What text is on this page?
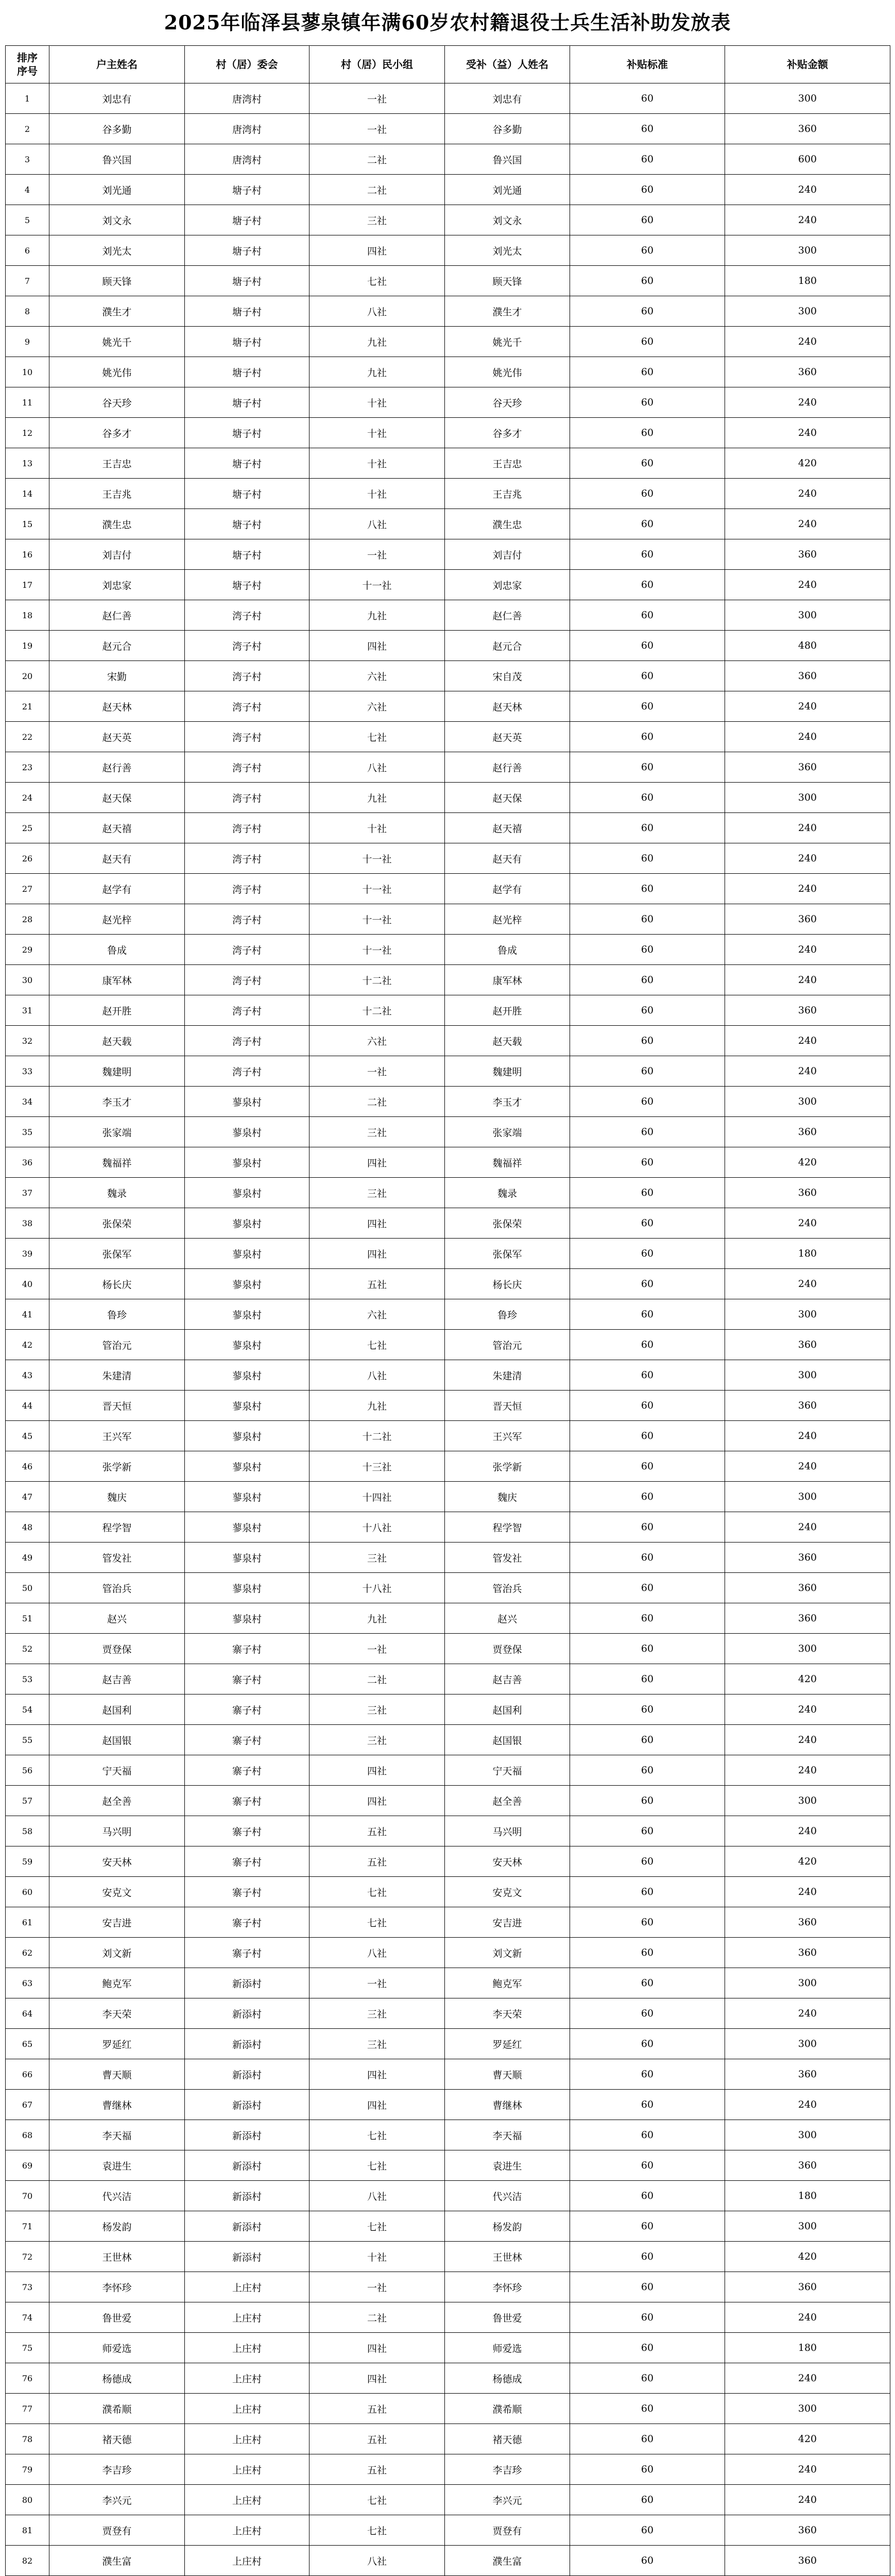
2025年临泽县蓼泉镇年满60岁农村籍退役士兵生活补助发放表
排序
序号	户主姓名	村（居）委会	村（居）民小组	受补（益）人姓名	补贴标准	补贴金额
1	刘忠有	唐湾村	一社	刘忠有	60	300
2	谷多勤	唐湾村	一社	谷多勤	60	360
3	鲁兴国	唐湾村	二社	鲁兴国	60	600
4	刘光通	塘子村	二社	刘光通	60	240
5	刘文永	塘子村	三社	刘文永	60	240
6	刘光太	塘子村	四社	刘光太	60	300
7	顾天锋	塘子村	七社	顾天锋	60	180
8	濮生才	塘子村	八社	濮生才	60	300
9	姚光千	塘子村	九社	姚光千	60	240
10	姚光伟	塘子村	九社	姚光伟	60	360
11	谷天珍	塘子村	十社	谷天珍	60	240
12	谷多才	塘子村	十社	谷多才	60	240
13	王吉忠	塘子村	十社	王吉忠	60	420
14	王吉兆	塘子村	十社	王吉兆	60	240
15	濮生忠	塘子村	八社	濮生忠	60	240
16	刘吉付	塘子村	一社	刘吉付	60	360
17	刘忠家	塘子村	十一社	刘忠家	60	240
18	赵仁善	湾子村	九社	赵仁善	60	300
19	赵元合	湾子村	四社	赵元合	60	480
20	宋勤	湾子村	六社	宋自茂	60	360
21	赵天林	湾子村	六社	赵天林	60	240
22	赵天英	湾子村	七社	赵天英	60	240
23	赵行善	湾子村	八社	赵行善	60	360
24	赵天保	湾子村	九社	赵天保	60	300
25	赵天禧	湾子村	十社	赵天禧	60	240
26	赵天有	湾子村	十一社	赵天有	60	240
27	赵学有	湾子村	十一社	赵学有	60	240
28	赵光梓	湾子村	十一社	赵光梓	60	360
29	鲁成	湾子村	十一社	鲁成	60	240
30	康军林	湾子村	十二社	康军林	60	240
31	赵开胜	湾子村	十二社	赵开胜	60	360
32	赵天载	湾子村	六社	赵天载	60	240
33	魏建明	湾子村	一社	魏建明	60	240
34	李玉才	蓼泉村	二社	李玉才	60	300
35	张家端	蓼泉村	三社	张家端	60	360
36	魏福祥	蓼泉村	四社	魏福祥	60	420
37	魏录	蓼泉村	三社	魏录	60	360
38	张保荣	蓼泉村	四社	张保荣	60	240
39	张保军	蓼泉村	四社	张保军	60	180
40	杨长庆	蓼泉村	五社	杨长庆	60	240
41	鲁珍	蓼泉村	六社	鲁珍	60	300
42	管治元	蓼泉村	七社	管治元	60	360
43	朱建清	蓼泉村	八社	朱建清	60	300
44	晋天恒	蓼泉村	九社	晋天恒	60	360
45	王兴军	蓼泉村	十二社	王兴军	60	240
46	张学新	蓼泉村	十三社	张学新	60	240
47	魏庆	蓼泉村	十四社	魏庆	60	300
48	程学智	蓼泉村	十八社	程学智	60	240
49	管发社	蓼泉村	三社	管发社	60	360
50	管治兵	蓼泉村	十八社	管治兵	60	360
51	赵兴	蓼泉村	九社	赵兴	60	360
52	贾登保	寨子村	一社	贾登保	60	300
53	赵吉善	寨子村	二社	赵吉善	60	420
54	赵国利	寨子村	三社	赵国利	60	240
55	赵国银	寨子村	三社	赵国银	60	240
56	宁天福	寨子村	四社	宁天福	60	240
57	赵全善	寨子村	四社	赵全善	60	300
58	马兴明	寨子村	五社	马兴明	60	240
59	安天林	寨子村	五社	安天林	60	420
60	安克文	寨子村	七社	安克文	60	240
61	安吉进	寨子村	七社	安吉进	60	360
62	刘文新	寨子村	八社	刘文新	60	360
63	鲍克军	新添村	一社	鲍克军	60	300
64	李天荣	新添村	三社	李天荣	60	240
65	罗延红	新添村	三社	罗延红	60	300
66	曹天顺	新添村	四社	曹天顺	60	360
67	曹继林	新添村	四社	曹继林	60	240
68	李天福	新添村	七社	李天福	60	300
69	袁进生	新添村	七社	袁进生	60	360
70	代兴洁	新添村	八社	代兴洁	60	180
71	杨发韵	新添村	七社	杨发韵	60	300
72	王世林	新添村	十社	王世林	60	420
73	李怀珍	上庄村	一社	李怀珍	60	360
74	鲁世爱	上庄村	二社	鲁世爱	60	240
75	师爱选	上庄村	四社	师爱选	60	180
76	杨德成	上庄村	四社	杨德成	60	240
77	濮希顺	上庄村	五社	濮希顺	60	300
78	褚天德	上庄村	五社	褚天德	60	420
79	李吉珍	上庄村	五社	李吉珍	60	240
80	李兴元	上庄村	七社	李兴元	60	240
81	贾登有	上庄村	七社	贾登有	60	360
82	濮生富	上庄村	八社	濮生富	60	360
